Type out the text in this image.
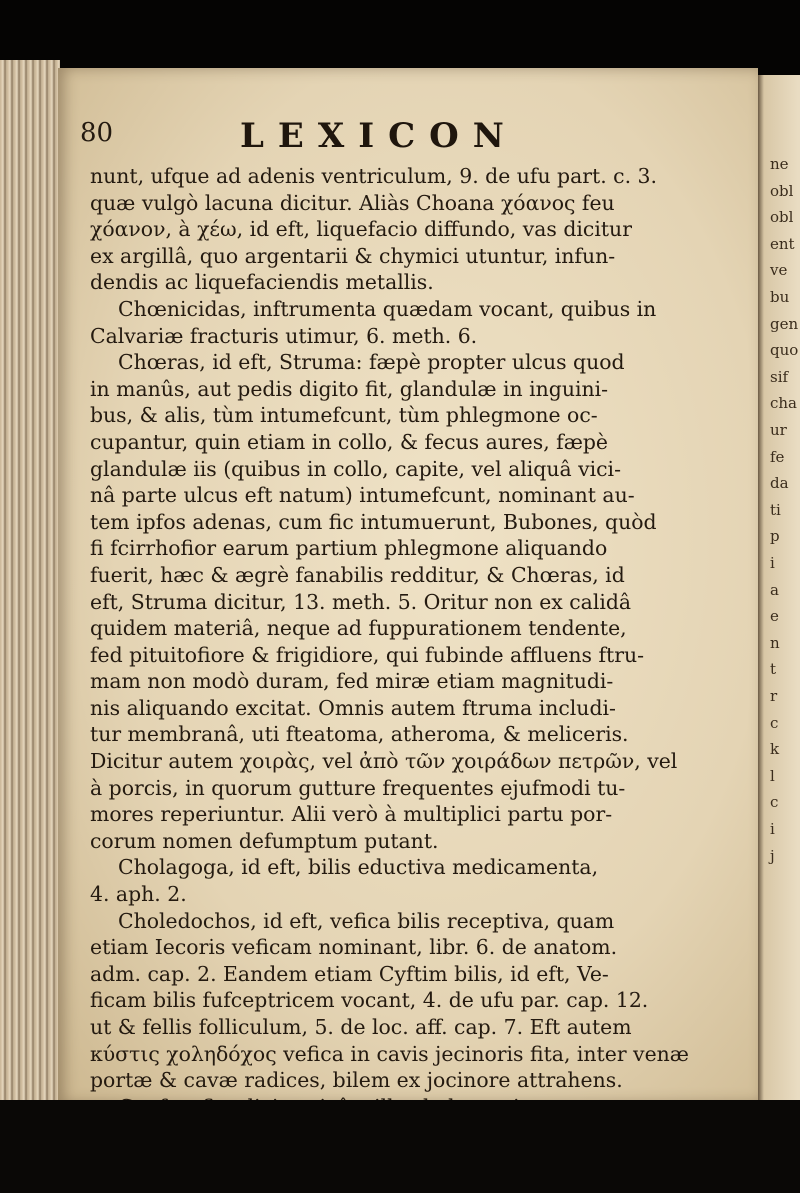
ne
obl
obl
ent
ve
bu
gen
quo
sif
cha
ur
fe
da
ti
p
i
a
e
n
t
r
c
k
l
c
i
j
80	LEXICON
nunt, ufque ad adenis ventriculum, 9. de ufu part. c. 3.
quæ vulgò lacuna dicitur. Aliàs Choana χόανος feu
χόανον, à χέω, id eft, liquefacio diffundo, vas dicitur
ex argillâ, quo argentarii & chymici utuntur, infun-
dendis ac liquefaciendis metallis.
Chœnicidas, inftrumenta quædam vocant, quibus in
Calvariæ fracturis utimur, 6. meth. 6.
Chœras, id eft, Struma: fæpè propter ulcus quod
in manûs, aut pedis digito fit, glandulæ in inguini-
bus, & alis, tùm intumefcunt, tùm phlegmone oc-
cupantur, quin etiam in collo, & fecus aures, fæpè
glandulæ iis (quibus in collo, capite, vel aliquâ vici-
nâ parte ulcus eft natum) intumefcunt, nominant au-
tem ipfos adenas, cum fic intumuerunt, Bubones, quòd
fi fcirrhofior earum partium phlegmone aliquando
fuerit, hæc & ægrè fanabilis redditur, & Chœras, id
eft, Struma dicitur, 13. meth. 5. Oritur non ex calidâ
quidem materiâ, neque ad fuppurationem tendente,
fed pituitofiore & frigidiore, qui fubinde affluens ftru-
mam non modò duram, fed miræ etiam magnitudi-
nis aliquando excitat. Omnis autem ftruma includi-
tur membranâ, uti fteatoma, atheroma, & meliceris.
Dicitur autem χοιρὰς, vel ἀπὸ τῶν χοιράδων πετρῶν, vel
à porcis, in quorum gutture frequentes ejufmodi tu-
mores reperiuntur. Alii verò à multiplici partu por-
corum nomen defumptum putant.
Cholagoga, id eft, bilis eductiva medicamenta,
4. aph. 2.
Choledochos, id eft, vefica bilis receptiva, quam
etiam Iecoris veficam nominant, libr. 6. de anatom.
adm. cap. 2. Eandem etiam Cyftim bilis, id eft, Ve-
ficam bilis fufceptricem vocant, 4. de ufu par. cap. 12.
ut & fellis folliculum, 5. de loc. aff. cap. 7. Eft autem
κύστις χοληδόχος vefica in cavis jecinoris fita, inter venæ
portæ & cavæ radices, bilem ex jocinore attrahens.
